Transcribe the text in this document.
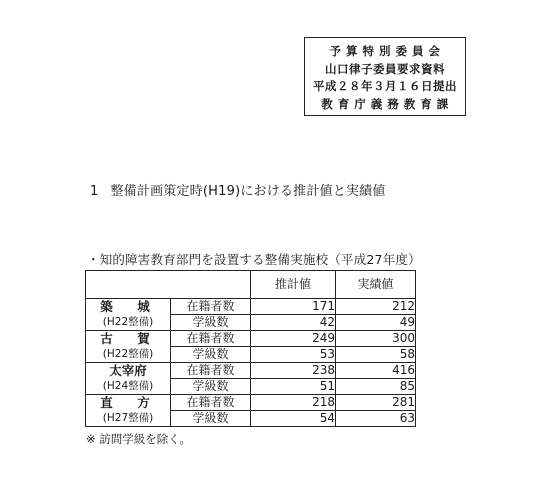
予 算 特 別 委 員 会
山口律子委員要求資料
平成２８年３月１６日提出
教 育 庁 義 務 教 育 課
1 整備計画策定時(H19)における推計値と実績値
・知的障害教育部門を設置する整備実施校（平成27年度）
		推計値	実績値
築　城	在籍者数	171	212
(H22整備)	学級数	42	49
古　賀	在籍者数	249	300
(H22整備)	学級数	53	58
太宰府	在籍者数	238	416
(H24整備)	学級数	51	85
直　方	在籍者数	218	281
(H27整備)	学級数	54	63
※ 訪問学級を除く。
